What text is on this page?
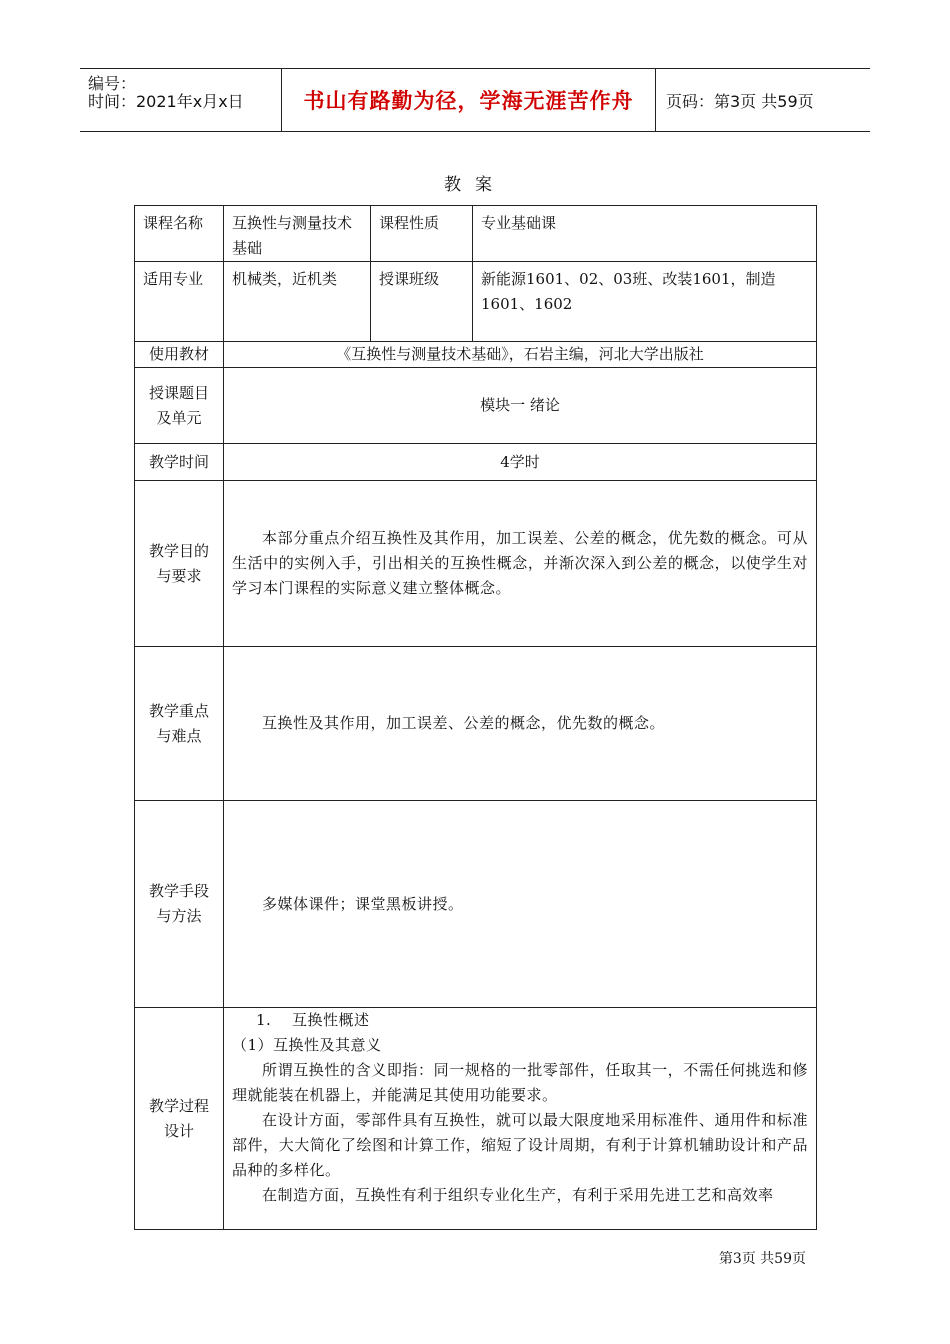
编号：
时间：2021年x月x日	书山有路勤为径，学海无涯苦作舟 页码：第3页 共59页
教案
课程名称	互换性与测量技术基础	课程性质	专业基础课
适用专业	机械类，近机类	授课班级	新能源1601、02、03班、改装1601，制造1601、1602
使用教材	《互换性与测量技术基础》，石岩主编，河北大学出版社		
授课题目及单元	模块一 绪论		
教学时间	4学时		
教学目的与要求	本部分重点介绍互换性及其作用，加工误差、公差的概念，优先数的概念。可从生活中的实例入手，引出相关的互换性概念，并渐次深入到公差的概念，以使学生对学习本门课程的实际意义建立整体概念。		
教学重点与难点	互换性及其作用，加工误差、公差的概念，优先数的概念。		
教学手段与方法	多媒体课件；课堂黑板讲授。		
教学过程设计	1. 互换性概述

（1）互换性及其意义

所谓互换性的含义即指：同一规格的一批零部件，任取其一，不需任何挑选和修理就能装在机器上，并能满足其使用功能要求。

在设计方面，零部件具有互换性，就可以最大限度地采用标准件、通用件和标准部件，大大简化了绘图和计算工作，缩短了设计周期，有利于计算机辅助设计和产品品种的多样化。

在制造方面，互换性有利于组织专业化生产，有利于采用先进工艺和高效率		

第3页 共59页
